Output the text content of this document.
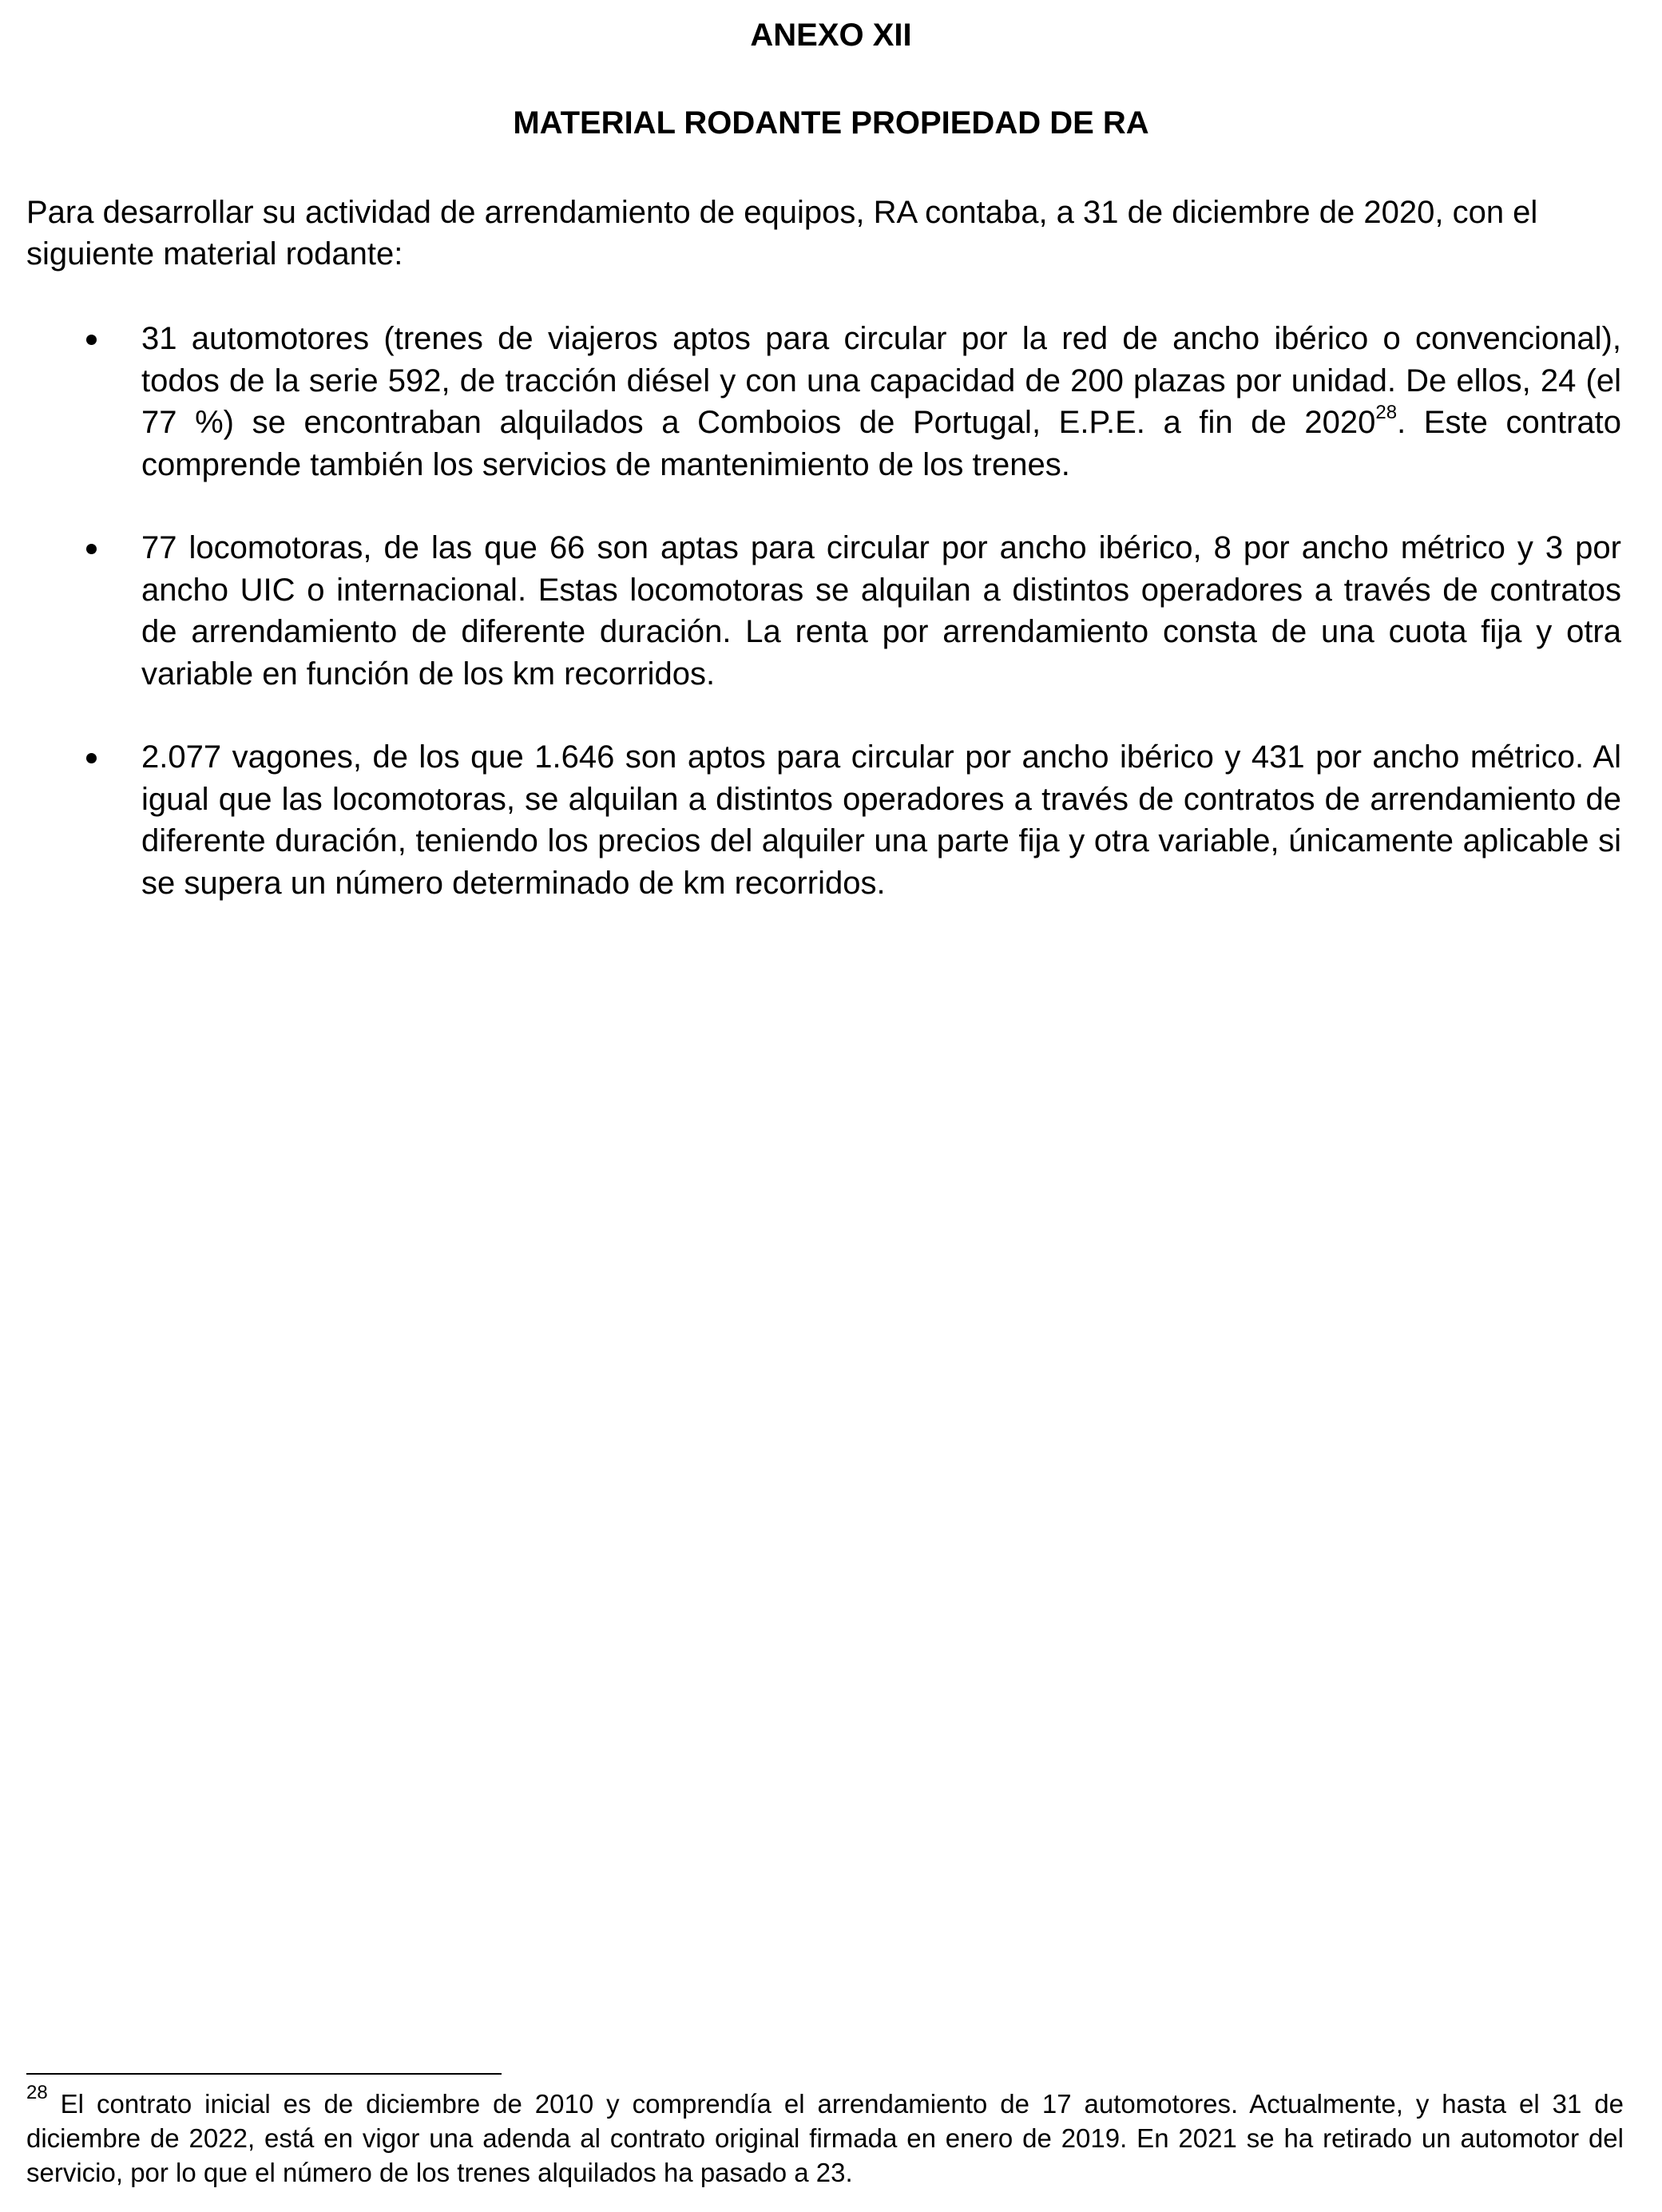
ANEXO XII
MATERIAL RODANTE PROPIEDAD DE RA

Para desarrollar su actividad de arrendamiento de equipos, RA contaba, a 31 de diciembre de 2020, con el siguiente material rodante:

31 automotores (trenes de viajeros aptos para circular por la red de ancho ibérico o convencional), todos de la serie 592, de tracción diésel y con una capacidad de 200 plazas por unidad. De ellos, 24 (el 77 %) se encontraban alquilados a Comboios de Portugal, E.P.E. a fin de 2020$^{28}$. Este contrato comprende también los servicios de mantenimiento de los trenes.
77 locomotoras, de las que 66 son aptas para circular por ancho ibérico, 8 por ancho métrico y 3 por ancho UIC o internacional. Estas locomotoras se alquilan a distintos operadores a través de contratos de arrendamiento de diferente duración. La renta por arrendamiento consta de una cuota fija y otra variable en función de los km recorridos.
2.077 vagones, de los que 1.646 son aptos para circular por ancho ibérico y 431 por ancho métrico. Al igual que las locomotoras, se alquilan a distintos operadores a través de contratos de arrendamiento de diferente duración, teniendo los precios del alquiler una parte fija y otra variable, únicamente aplicable si se supera un número determinado de km recorridos.

$^{28}$ El contrato inicial es de diciembre de 2010 y comprendía el arrendamiento de 17 automotores. Actualmente, y hasta el 31 de diciembre de 2022, está en vigor una adenda al contrato original firmada en enero de 2019. En 2021 se ha retirado un automotor del servicio, por lo que el número de los trenes alquilados ha pasado a 23.
